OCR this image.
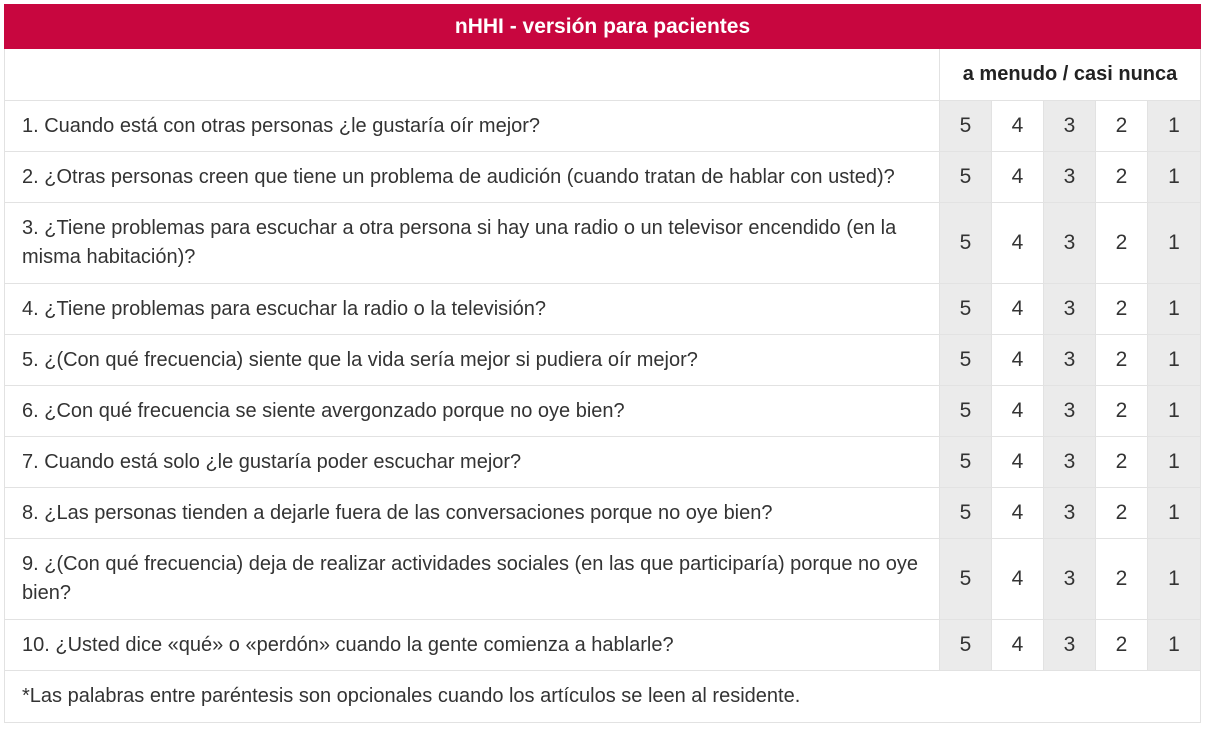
nHHI - versión para pacientes					
	a menudo / casi nunca				
1. Cuando está con otras personas ¿le gustaría oír mejor?	5	4	3	2	1
2. ¿Otras personas creen que tiene un problema de audición (cuando tratan de hablar con usted)?	5	4	3	2	1
3. ¿Tiene problemas para escuchar a otra persona si hay una radio o un televisor encendido (en la misma habitación)?	5	4	3	2	1
4. ¿Tiene problemas para escuchar la radio o la televisión?	5	4	3	2	1
5. ¿(Con qué frecuencia) siente que la vida sería mejor si pudiera oír mejor?	5	4	3	2	1
6. ¿Con qué frecuencia se siente avergonzado porque no oye bien?	5	4	3	2	1
7. Cuando está solo ¿le gustaría poder escuchar mejor?	5	4	3	2	1
8. ¿Las personas tienden a dejarle fuera de las conversaciones porque no oye bien?	5	4	3	2	1
9. ¿(Con qué frecuencia) deja de realizar actividades sociales (en las que participaría) porque no oye bien?	5	4	3	2	1
10. ¿Usted dice «qué» o «perdón» cuando la gente comienza a hablarle?	5	4	3	2	1
*Las palabras entre paréntesis son opcionales cuando los artículos se leen al residente.					
